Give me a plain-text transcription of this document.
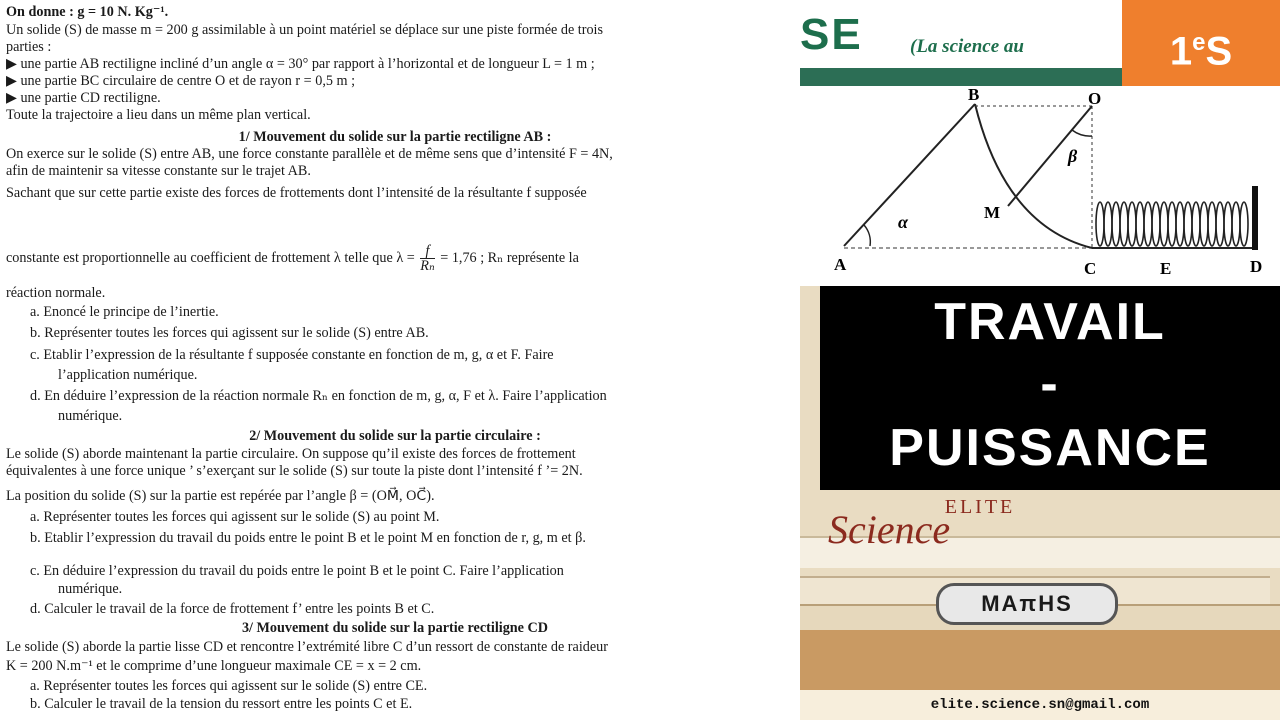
On donne : g = 10 N. Kg⁻¹.
Un solide (S) de masse m = 200 g assimilable à un point matériel se déplace sur une piste formée de trois
parties :
▶ une partie AB rectiligne incliné d’un angle α = 30° par rapport à l’horizontal et de longueur L = 1 m ;
▶ une partie BC circulaire de centre O et de rayon r = 0,5 m ;
▶ une partie CD rectiligne.
Toute la trajectoire a lieu dans un même plan vertical.
1/ Mouvement du solide sur la partie rectiligne AB :
On exerce sur le solide (S) entre AB, une force constante parallèle et de même sens que d’intensité F = 4N,
afin de maintenir sa vitesse constante sur le trajet AB.
Sachant que sur cette partie existe des forces de frottements dont l’intensité de la résultante f supposée
constante est proportionnelle au coefficient de frottement λ telle que $\lambda = \frac{f}{\text{Rₙ}} = 1,76$ ; Rₙ représente la
réaction normale.
a. Enoncé le principe de l’inertie.
b. Représenter toutes les forces qui agissent sur le solide (S) entre AB.
c. Etablir l’expression de la résultante f supposée constante en fonction de m, g, α et F. Faire
l’application numérique.
d. En déduire l’expression de la réaction normale Rₙ en fonction de m, g, α, F et λ. Faire l’application
numérique.
2/ Mouvement du solide sur la partie circulaire :
Le solide (S) aborde maintenant la partie circulaire. On suppose qu’il existe des forces de frottement
équivalentes à une force unique ’ s’exerçant sur le solide (S) sur toute la piste dont l’intensité f ’= 2N.
La position du solide (S) sur la partie est repérée par l’angle β = (OM⃗, OC⃗).
a. Représenter toutes les forces qui agissent sur le solide (S) au point M.
b. Etablir l’expression du travail du poids entre le point B et le point M en fonction de r, g, m et β.
c. En déduire l’expression du travail du poids entre le point B et le point C. Faire l’application
numérique.
d. Calculer le travail de la force de frottement f’ entre les points B et C.
3/ Mouvement du solide sur la partie rectiligne CD
Le solide (S) aborde la partie lisse CD et rencontre l’extrémité libre C d’un ressort de constante de raideur
K = 200 N.m⁻¹ et le comprime d’une longueur maximale CE = x = 2 cm.
a. Représenter toutes les forces qui agissent sur le solide (S) entre CE.
b. Calculer le travail de la tension du ressort entre les points C et E.
SE (La science au	1eS
A
B	O
C	E	D
M
α
β
TRAVAIL
-
PUISSANCE
ELITE
Science
MAπHS
elite.science.sn@gmail.com
